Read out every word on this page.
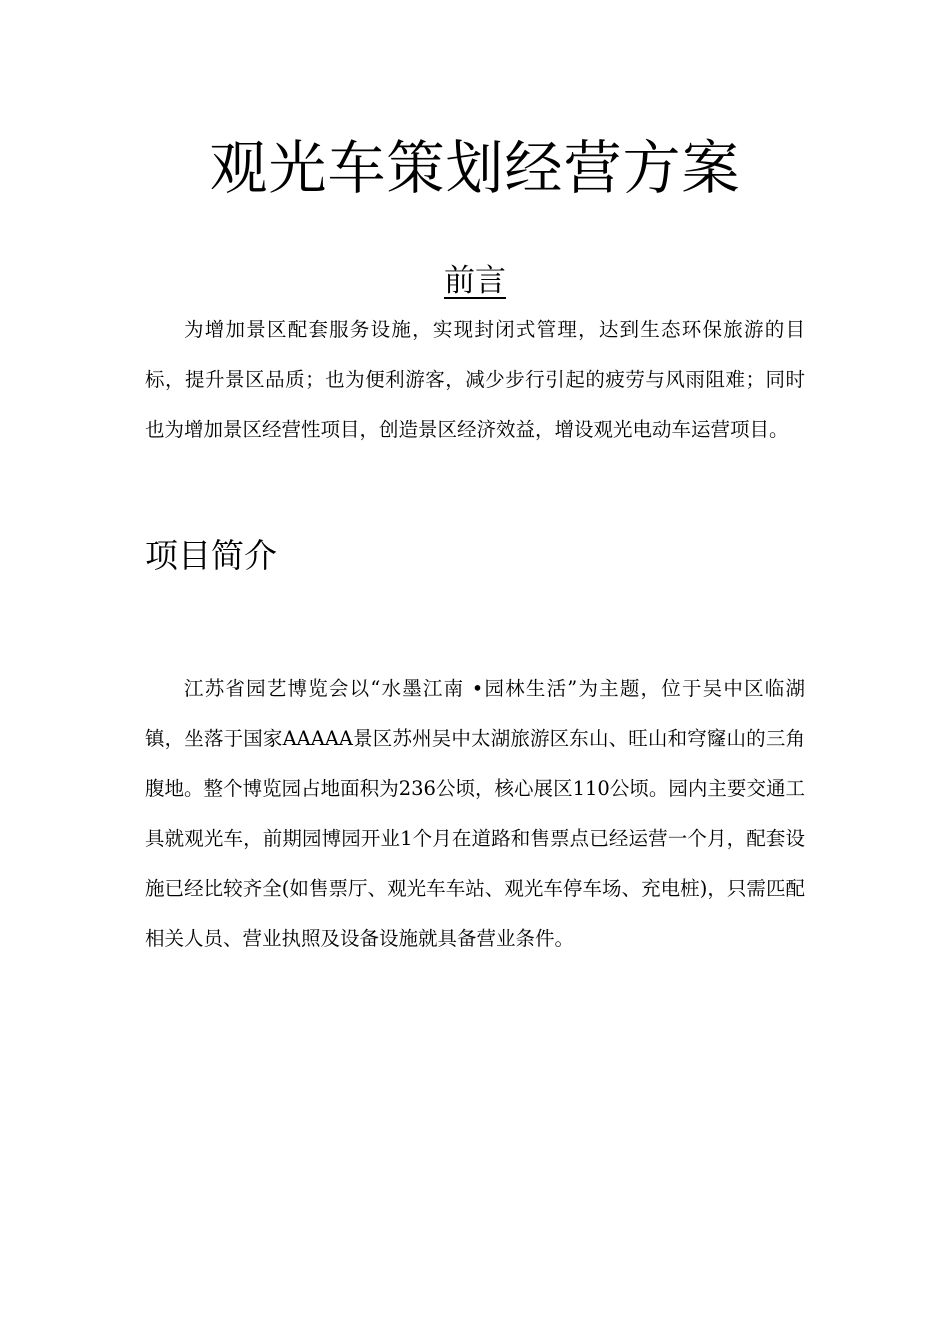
观光车策划经营方案
前言

为增加景区配套服务设施，实现封闭式管理，达到生态环保旅游的目标，提升景区品质；也为便利游客，减少步行引起的疲劳与风雨阻难；同时也为增加景区经营性项目，创造景区经济效益，增设观光电动车运营项目。

项目简介

江苏省园艺博览会以“水墨江南 •园林生活”为主题，位于吴中区临湖镇，坐落于国家AAAAA景区苏州吴中太湖旅游区东山、旺山和穹窿山的三角腹地。整个博览园占地面积为236公顷，核心展区110公顷。园内主要交通工具就观光车，前期园博园开业1个月在道路和售票点已经运营一个月，配套设施已经比较齐全(如售票厅、观光车车站、观光车停车场、充电桩)，只需匹配相关人员、营业执照及设备设施就具备营业条件。
